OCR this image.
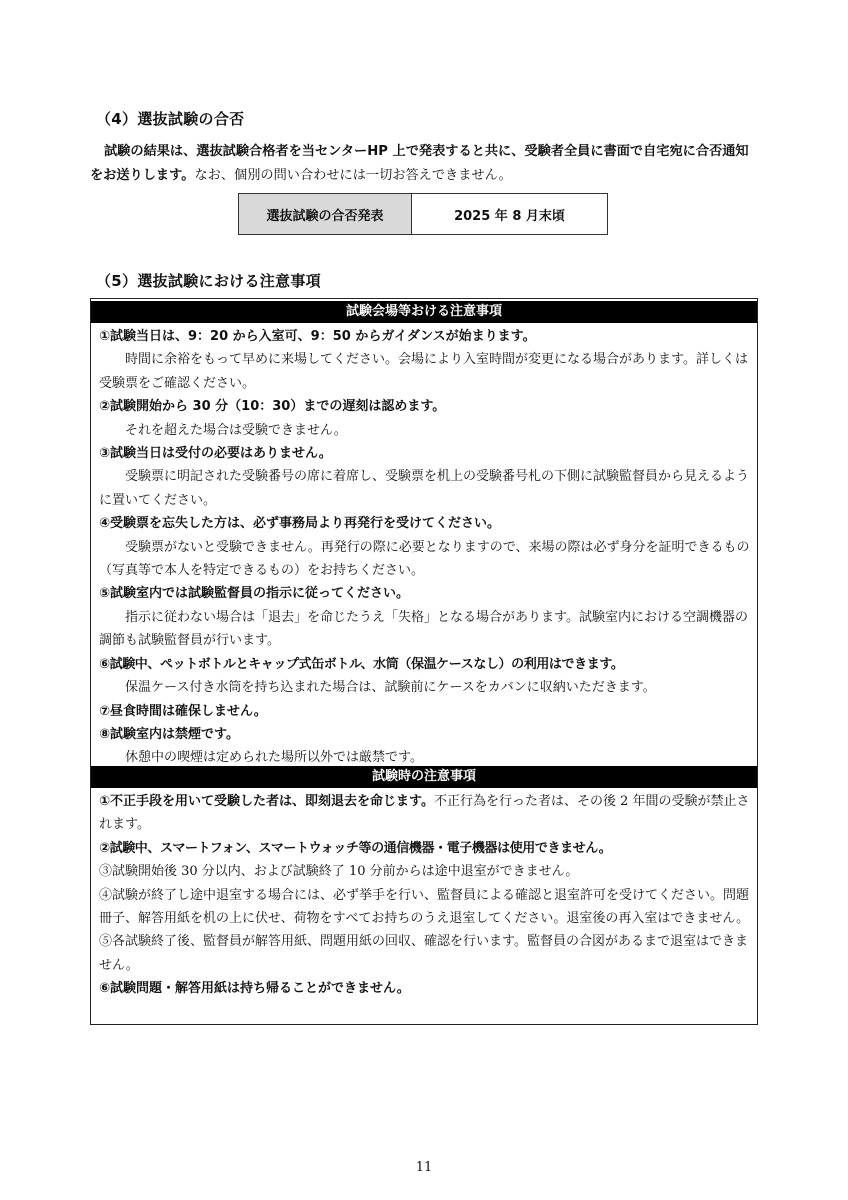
（4）選抜試験の合否
試験の結果は、選抜試験合格者を当センターHP 上で発表すると共に、受験者全員に書面で自宅宛に合否通知をお送りします。なお、個別の問い合わせには一切お答えできません。
選抜試験の合否発表	2025 年 8 月末頃
（5）選抜試験における注意事項
試験会場等おける注意事項
①試験当日は、9：20 から入室可、9：50 からガイダンスが始まります。
時間に余裕をもって早めに来場してください。会場により入室時間が変更になる場合があります。詳しくは受験票をご確認ください。
②試験開始から 30 分（10：30）までの遅刻は認めます。
それを超えた場合は受験できません。
③試験当日は受付の必要はありません。
受験票に明記された受験番号の席に着席し、受験票を机上の受験番号札の下側に試験監督員から見えるように置いてください。
④受験票を忘失した方は、必ず事務局より再発行を受けてください。
受験票がないと受験できません。再発行の際に必要となりますので、来場の際は必ず身分を証明できるもの（写真等で本人を特定できるもの）をお持ちください。
⑤試験室内では試験監督員の指示に従ってください。
指示に従わない場合は「退去」を命じたうえ「失格」となる場合があります。試験室内における空調機器の調節も試験監督員が行います。
⑥試験中、ペットボトルとキャップ式缶ボトル、水筒（保温ケースなし）の利用はできます。
保温ケース付き水筒を持ち込まれた場合は、試験前にケースをカバンに収納いただきます。
⑦昼食時間は確保しません。
⑧試験室内は禁煙です。
休憩中の喫煙は定められた場所以外では厳禁です。
試験時の注意事項
①不正手段を用いて受験した者は、即刻退去を命じます。不正行為を行った者は、その後 2 年間の受験が禁止されます。
②試験中、スマートフォン、スマートウォッチ等の通信機器・電子機器は使用できません。
③試験開始後 30 分以内、および試験終了 10 分前からは途中退室ができません。
④試験が終了し途中退室する場合には、必ず挙手を行い、監督員による確認と退室許可を受けてください。問題冊子、解答用紙を机の上に伏せ、荷物をすべてお持ちのうえ退室してください。退室後の再入室はできません。
⑤各試験終了後、監督員が解答用紙、問題用紙の回収、確認を行います。監督員の合図があるまで退室はできません。
⑥試験問題・解答用紙は持ち帰ることができません。
11
